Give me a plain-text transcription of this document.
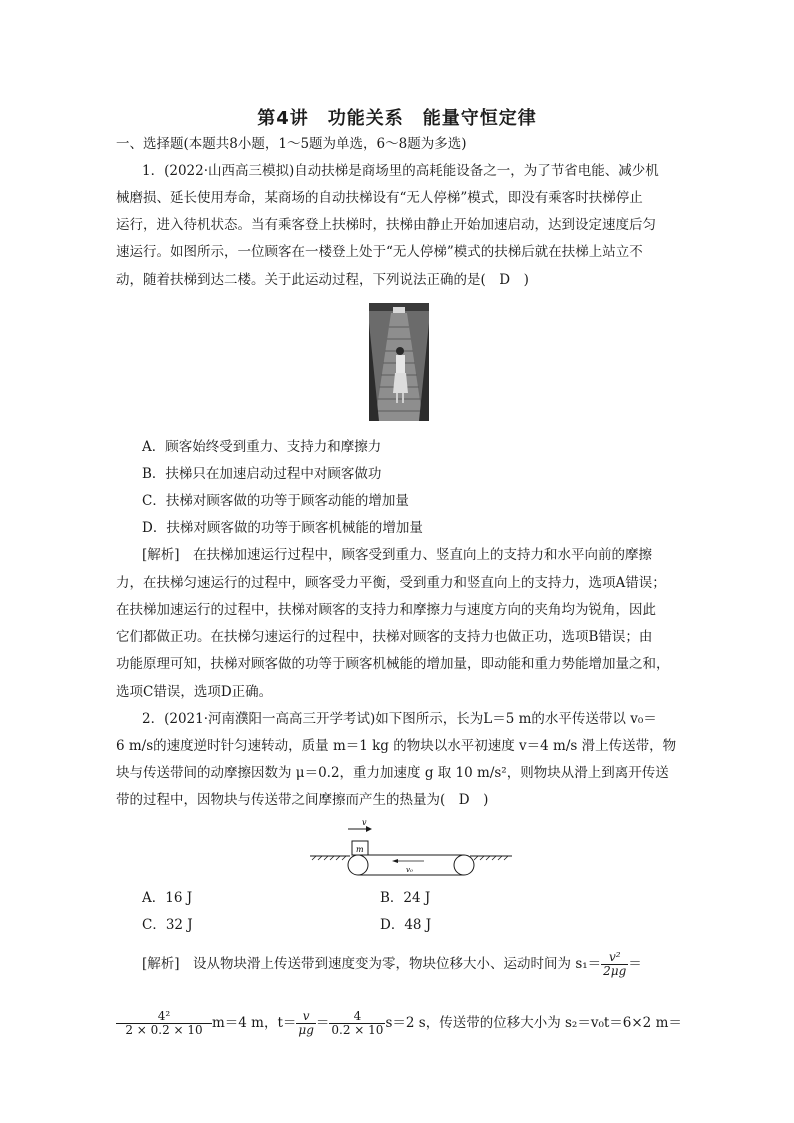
第4讲　功能关系　能量守恒定律
一、选择题(本题共8小题，1～5题为单选，6～8题为多选)
1．(2022·山西高三模拟)自动扶梯是商场里的高耗能设备之一，为了节省电能、减少机
械磨损、延长使用寿命，某商场的自动扶梯设有“无人停梯”模式，即没有乘客时扶梯停止
运行，进入待机状态。当有乘客登上扶梯时，扶梯由静止开始加速启动，达到设定速度后匀
速运行。如图所示，一位顾客在一楼登上处于“无人停梯”模式的扶梯后就在扶梯上站立不
动，随着扶梯到达二楼。关于此运动过程，下列说法正确的是(　D　)
A．顾客始终受到重力、支持力和摩擦力
B．扶梯只在加速启动过程中对顾客做功
C．扶梯对顾客做的功等于顾客动能的增加量
D．扶梯对顾客做的功等于顾客机械能的增加量
[解析]　在扶梯加速运行过程中，顾客受到重力、竖直向上的支持力和水平向前的摩擦
力，在扶梯匀速运行的过程中，顾客受力平衡，受到重力和竖直向上的支持力，选项A错误；
在扶梯加速运行的过程中，扶梯对顾客的支持力和摩擦力与速度方向的夹角均为锐角，因此
它们都做正功。在扶梯匀速运行的过程中，扶梯对顾客的支持力也做正功，选项B错误；由
功能原理可知，扶梯对顾客做的功等于顾客机械能的增加量，即动能和重力势能增加量之和，
选项C错误，选项D正确。
2．(2021·河南濮阳一高高三开学考试)如下图所示，长为L＝5 m的水平传送带以 v₀＝
6 m/s的速度逆时针匀速转动，质量 m＝1 kg 的物块以水平初速度 v＝4 m/s 滑上传送带，物
块与传送带间的动摩擦因数为 μ＝0.2，重力加速度 g 取 10 m/s²，则物块从滑上到离开传送
带的过程中，因物块与传送带之间摩擦而产生的热量为(　D　)
v
m
v₀
A．16 J	B．24 J
C．32 J	D．48 J
[解析]　设从物块滑上传送带到速度变为零，物块位移大小、运动时间为 $s_1= \frac{\text{v²}}{2\mu g}$ ＝
$\frac{\text{4²}}{2 \times 0.2 \times 10} m=4$ m，$t= \frac{v}{\mu g} = \frac{4}{0.2 \times 10} s=2$ s，传送带的位移大小为 s₂＝v₀t＝6×2 m＝
